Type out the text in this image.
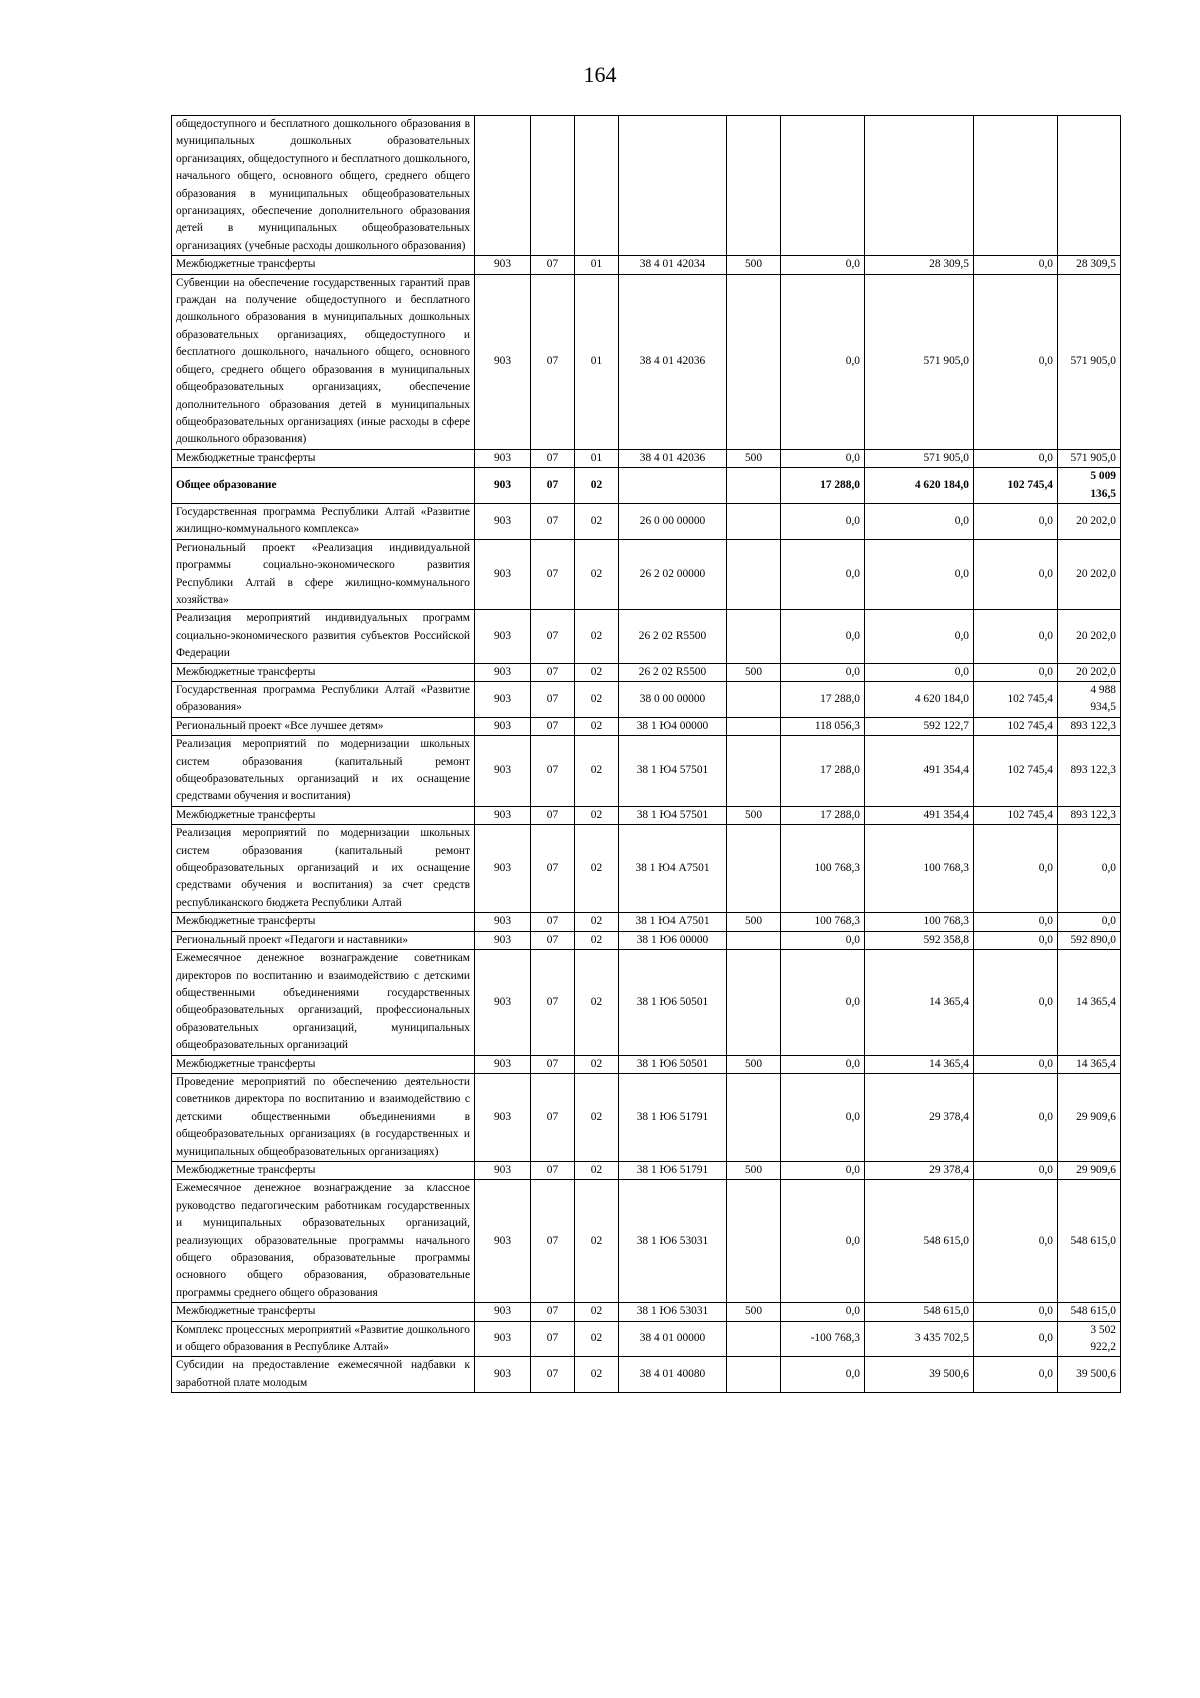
164
общедоступного и бесплатного дошкольного образования в муниципальных дошкольных образовательных организациях, общедоступного и бесплатного дошкольного, начального общего, основного общего, среднего общего образования в муниципальных общеобразовательных организациях, обеспечение дополнительного образования детей в муниципальных общеобразовательных организациях (учебные расходы дошкольного образования)									
Межбюджетные трансферты	903	07	01	38 4 01 42034	500	0,0	28 309,5	0,0	28 309,5
Субвенции на обеспечение государственных гарантий прав граждан на получение общедоступного и бесплатного дошкольного образования в муниципальных дошкольных образовательных организациях, общедоступного и бесплатного дошкольного, начального общего, основного общего, среднего общего образования в муниципальных общеобразовательных организациях, обеспечение дополнительного образования детей в муниципальных общеобразовательных организациях (иные расходы в сфере дошкольного образования)	903	07	01	38 4 01 42036		0,0	571 905,0	0,0	571 905,0
Межбюджетные трансферты	903	07	01	38 4 01 42036	500	0,0	571 905,0	0,0	571 905,0
Общее образование	903	07	02			17 288,0	4 620 184,0	102 745,4	5 009 136,5
Государственная программа Республики Алтай «Развитие жилищно-коммунального комплекса»	903	07	02	26 0 00 00000		0,0	0,0	0,0	20 202,0
Региональный проект «Реализация индивидуальной программы социально-экономического развития Республики Алтай в сфере жилищно-коммунального хозяйства»	903	07	02	26 2 02 00000		0,0	0,0	0,0	20 202,0
Реализация мероприятий индивидуальных программ социально-экономического развития субъектов Российской Федерации	903	07	02	26 2 02 R5500		0,0	0,0	0,0	20 202,0
Межбюджетные трансферты	903	07	02	26 2 02 R5500	500	0,0	0,0	0,0	20 202,0
Государственная программа Республики Алтай «Развитие образования»	903	07	02	38 0 00 00000		17 288,0	4 620 184,0	102 745,4	4 988 934,5
Региональный проект «Все лучшее детям»	903	07	02	38 1 Ю4 00000		118 056,3	592 122,7	102 745,4	893 122,3
Реализация мероприятий по модернизации школьных систем образования (капитальный ремонт общеобразовательных организаций и их оснащение средствами обучения и воспитания)	903	07	02	38 1 Ю4 57501		17 288,0	491 354,4	102 745,4	893 122,3
Межбюджетные трансферты	903	07	02	38 1 Ю4 57501	500	17 288,0	491 354,4	102 745,4	893 122,3
Реализация мероприятий по модернизации школьных систем образования (капитальный ремонт общеобразовательных организаций и их оснащение средствами обучения и воспитания) за счет средств республиканского бюджета Республики Алтай	903	07	02	38 1 Ю4 А7501		100 768,3	100 768,3	0,0	0,0
Межбюджетные трансферты	903	07	02	38 1 Ю4 А7501	500	100 768,3	100 768,3	0,0	0,0
Региональный проект «Педагоги и наставники»	903	07	02	38 1 Ю6 00000		0,0	592 358,8	0,0	592 890,0
Ежемесячное денежное вознаграждение советникам директоров по воспитанию и взаимодействию с детскими общественными объединениями государственных общеобразовательных организаций, профессиональных образовательных организаций, муниципальных общеобразовательных организаций	903	07	02	38 1 Ю6 50501		0,0	14 365,4	0,0	14 365,4
Межбюджетные трансферты	903	07	02	38 1 Ю6 50501	500	0,0	14 365,4	0,0	14 365,4
Проведение мероприятий по обеспечению деятельности советников директора по воспитанию и взаимодействию с детскими общественными объединениями в общеобразовательных организациях (в государственных и муниципальных общеобразовательных организациях)	903	07	02	38 1 Ю6 51791		0,0	29 378,4	0,0	29 909,6
Межбюджетные трансферты	903	07	02	38 1 Ю6 51791	500	0,0	29 378,4	0,0	29 909,6
Ежемесячное денежное вознаграждение за классное руководство педагогическим работникам государственных и муниципальных образовательных организаций, реализующих образовательные программы начального общего образования, образовательные программы основного общего образования, образовательные программы среднего общего образования	903	07	02	38 1 Ю6 53031		0,0	548 615,0	0,0	548 615,0
Межбюджетные трансферты	903	07	02	38 1 Ю6 53031	500	0,0	548 615,0	0,0	548 615,0
Комплекс процессных мероприятий «Развитие дошкольного и общего образования в Республике Алтай»	903	07	02	38 4 01 00000		-100 768,3	3 435 702,5	0,0	3 502 922,2
Субсидии на предоставление ежемесячной надбавки к заработной плате молодым	903	07	02	38 4 01 40080		0,0	39 500,6	0,0	39 500,6
